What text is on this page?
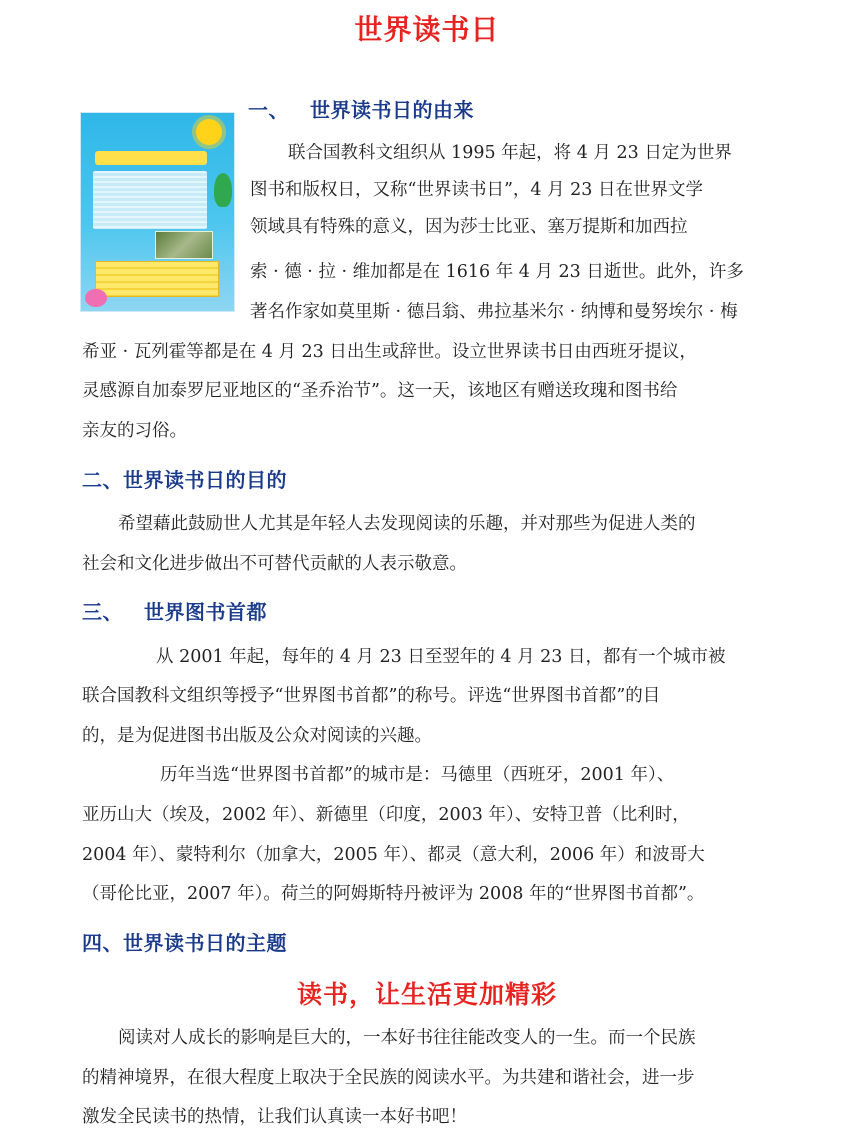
世界读书日
一、 世界读书日的由来

联合国教科文组织从 1995 年起，将 4 月 23 日定为世界

图书和版权日，又称“世界读书日”，4 月 23 日在世界文学

领域具有特殊的意义，因为莎士比亚、塞万提斯和加西拉

索 · 德 · 拉 · 维加都是在 1616 年 4 月 23 日逝世。此外，许多

著名作家如莫里斯 · 德吕翁、弗拉基米尔 · 纳博和曼努埃尔 · 梅

希亚 · 瓦列霍等都是在 4 月 23 日出生或辞世。设立世界读书日由西班牙提议，

灵感源自加泰罗尼亚地区的“圣乔治节”。这一天，该地区有赠送玫瑰和图书给

亲友的习俗。

二、世界读书日的目的

希望藉此鼓励世人尤其是年轻人去发现阅读的乐趣，并对那些为促进人类的

社会和文化进步做出不可替代贡献的人表示敬意。

三、 世界图书首都

从 2001 年起，每年的 4 月 23 日至翌年的 4 月 23 日，都有一个城市被

联合国教科文组织等授予“世界图书首都”的称号。评选“世界图书首都”的目

的，是为促进图书出版及公众对阅读的兴趣。

历年当选“世界图书首都”的城市是：马德里（西班牙，2001 年）、

亚历山大（埃及，2002 年）、新德里（印度，2003 年）、安特卫普（比利时，

2004 年）、蒙特利尔（加拿大，2005 年）、都灵（意大利，2006 年）和波哥大

（哥伦比亚，2007 年）。荷兰的阿姆斯特丹被评为 2008 年的“世界图书首都”。

四、世界读书日的主题
读书，让生活更加精彩

阅读对人成长的影响是巨大的，一本好书往往能改变人的一生。而一个民族

的精神境界，在很大程度上取决于全民族的阅读水平。为共建和谐社会，进一步

激发全民读书的热情，让我们认真读一本好书吧！
